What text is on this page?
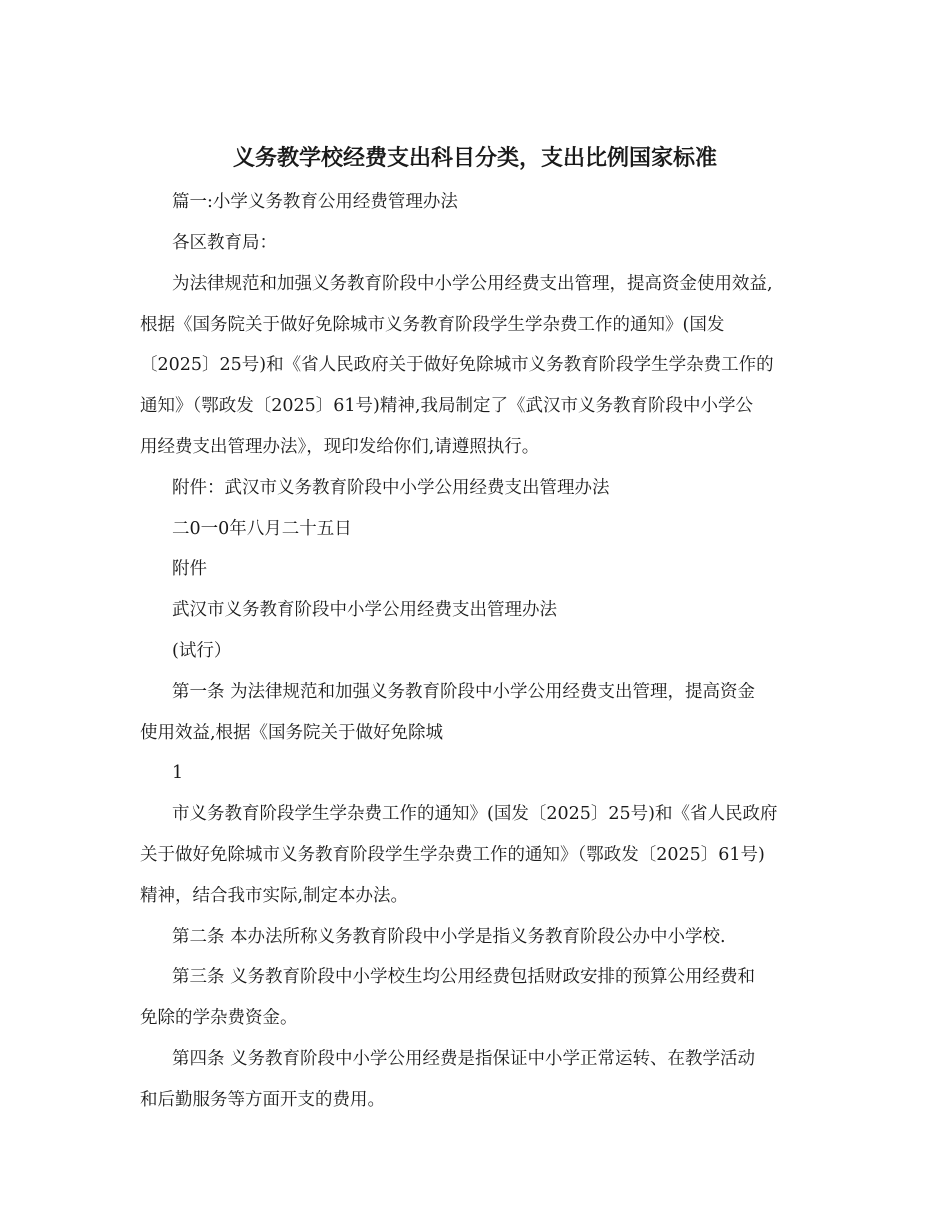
义务教学校经费支出科目分类，支出比例国家标准
篇一:小学义务教育公用经费管理办法
各区教育局：
为法律规范和加强义务教育阶段中小学公用经费支出管理，提高资金使用效益,
根据《国务院关于做好免除城市义务教育阶段学生学杂费工作的通知》(国发
〔2025〕25号)和《省人民政府关于做好免除城市义务教育阶段学生学杂费工作的
通知》（鄂政发〔2025〕61号)精神,我局制定了《武汉市义务教育阶段中小学公
用经费支出管理办法》，现印发给你们,请遵照执行。
附件：武汉市义务教育阶段中小学公用经费支出管理办法
二0一0年八月二十五日
附件
武汉市义务教育阶段中小学公用经费支出管理办法
(试行）
第一条 为法律规范和加强义务教育阶段中小学公用经费支出管理，提高资金
使用效益,根据《国务院关于做好免除城
1
市义务教育阶段学生学杂费工作的通知》(国发〔2025〕25号)和《省人民政府
关于做好免除城市义务教育阶段学生学杂费工作的通知》（鄂政发〔2025〕61号)
精神，结合我市实际,制定本办法。
第二条 本办法所称义务教育阶段中小学是指义务教育阶段公办中小学校.
第三条 义务教育阶段中小学校生均公用经费包括财政安排的预算公用经费和
免除的学杂费资金。
第四条 义务教育阶段中小学公用经费是指保证中小学正常运转、在教学活动
和后勤服务等方面开支的费用。
